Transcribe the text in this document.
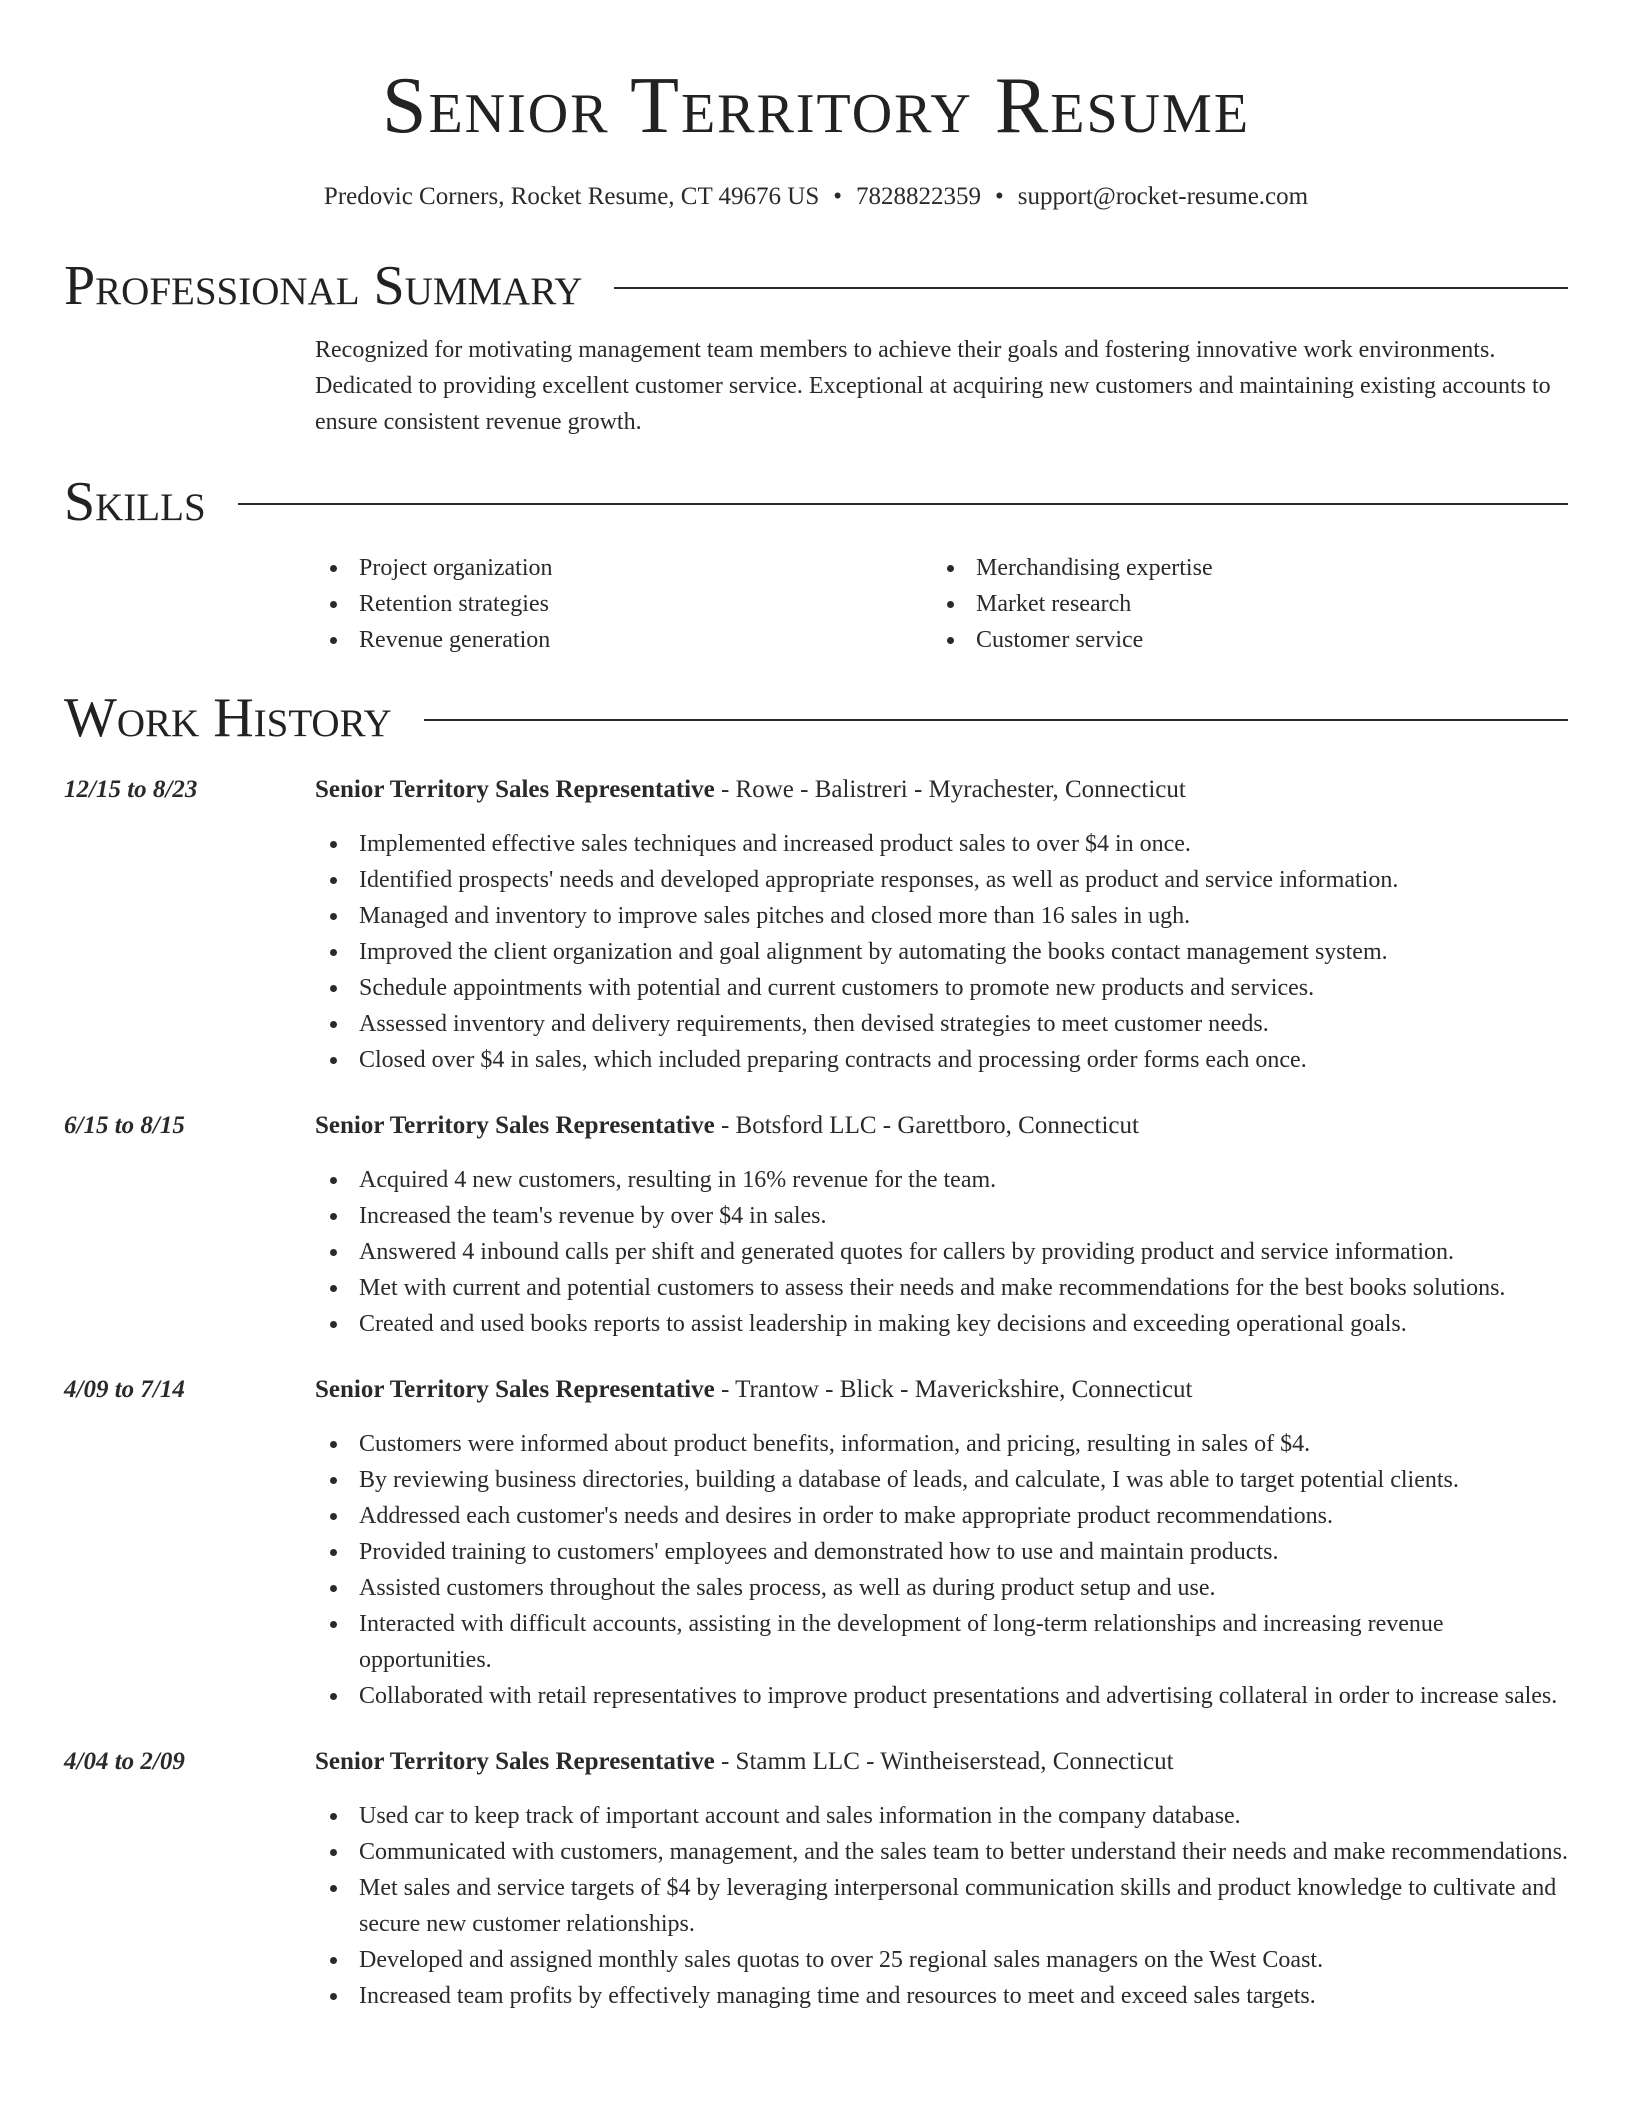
Senior Territory Resume
Predovic Corners, Rocket Resume, CT 49676 US • 7828822359 • support@rocket-resume.com
Professional Summary
Recognized for motivating management team members to achieve their goals and fostering innovative work environments. Dedicated to providing excellent customer service. Exceptional at acquiring new customers and maintaining existing accounts to ensure consistent revenue growth.
Skills
Project organization
Retention strategies
Revenue generation
Merchandising expertise
Market research
Customer service
Work History
12/15 to 8/23	Senior Territory Sales Representative - Rowe - Balistreri - Myrachester, Connecticut
Implemented effective sales techniques and increased product sales to over $4 in once.
Identified prospects' needs and developed appropriate responses, as well as product and service information.
Managed and inventory to improve sales pitches and closed more than 16 sales in ugh.
Improved the client organization and goal alignment by automating the books contact management system.
Schedule appointments with potential and current customers to promote new products and services.
Assessed inventory and delivery requirements, then devised strategies to meet customer needs.
Closed over $4 in sales, which included preparing contracts and processing order forms each once.
6/15 to 8/15	Senior Territory Sales Representative - Botsford LLC - Garettboro, Connecticut
Acquired 4 new customers, resulting in 16% revenue for the team.
Increased the team's revenue by over $4 in sales.
Answered 4 inbound calls per shift and generated quotes for callers by providing product and service information.
Met with current and potential customers to assess their needs and make recommendations for the best books solutions.
Created and used books reports to assist leadership in making key decisions and exceeding operational goals.
4/09 to 7/14	Senior Territory Sales Representative - Trantow - Blick - Maverickshire, Connecticut
Customers were informed about product benefits, information, and pricing, resulting in sales of $4.
By reviewing business directories, building a database of leads, and calculate, I was able to target potential clients.
Addressed each customer's needs and desires in order to make appropriate product recommendations.
Provided training to customers' employees and demonstrated how to use and maintain products.
Assisted customers throughout the sales process, as well as during product setup and use.
Interacted with difficult accounts, assisting in the development of long-term relationships and increasing revenue opportunities.
Collaborated with retail representatives to improve product presentations and advertising collateral in order to increase sales.
4/04 to 2/09	Senior Territory Sales Representative - Stamm LLC - Wintheiserstead, Connecticut
Used car to keep track of important account and sales information in the company database.
Communicated with customers, management, and the sales team to better understand their needs and make recommendations.
Met sales and service targets of $4 by leveraging interpersonal communication skills and product knowledge to cultivate and secure new customer relationships.
Developed and assigned monthly sales quotas to over 25 regional sales managers on the West Coast.
Increased team profits by effectively managing time and resources to meet and exceed sales targets.
